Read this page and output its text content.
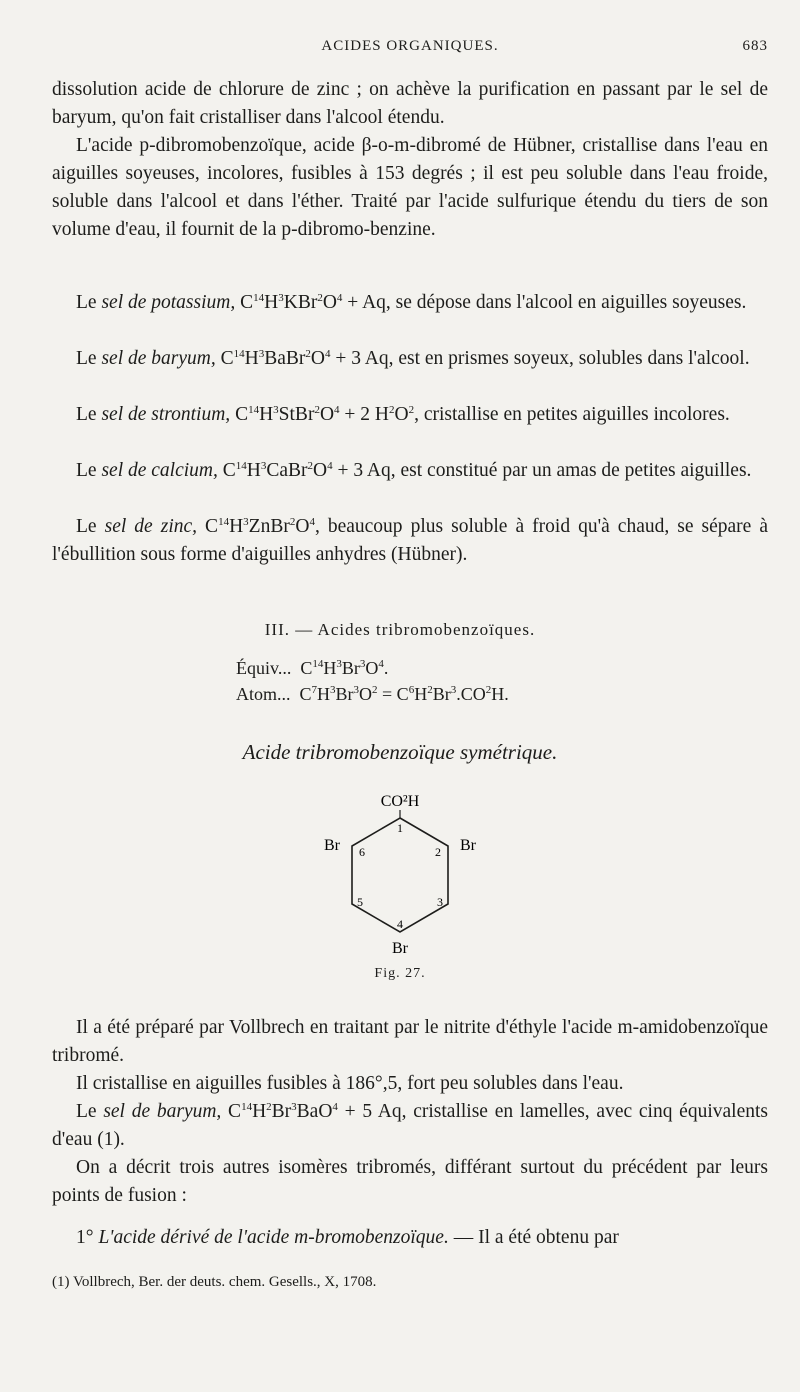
ACIDES ORGANIQUES.	683
dissolution acide de chlorure de zinc ; on achève la purification en passant par le sel de baryum, qu'on fait cristalliser dans l'alcool étendu.
L'acide p-dibromobenzoïque, acide β-o-m-dibromé de Hübner, cristallise dans l'eau en aiguilles soyeuses, incolores, fusibles à 153 degrés ; il est peu soluble dans l'eau froide, soluble dans l'alcool et dans l'éther. Traité par l'acide sulfurique étendu du tiers de son volume d'eau, il fournit de la p-dibromo-benzine.
Le sel de potassium, $C^{14}H^3KBr^2O^4 + Aq$, se dépose dans l'alcool en aiguilles soyeuses.
Le sel de baryum, $C^{14}H^3BaBr^2O^4 + 3$ Aq, est en prismes soyeux, solubles dans l'alcool.
Le sel de strontium, $C^{14}H^3StBr^2O^4 + 2$ $H^2O^2$, cristallise en petites aiguilles incolores.
Le sel de calcium, $C^{14}H^3CaBr^2O^4 + 3$ Aq, est constitué par un amas de petites aiguilles.
Le sel de zinc, $C^{14}H^3ZnBr^2O^4$, beaucoup plus soluble à froid qu'à chaud, se sépare à l'ébullition sous forme d'aiguilles anhydres (Hübner).
III. — Acides tribromobenzoïques.
Équiv...  $C^{14}H^3Br^3O^4$.
Atom...  $C^7H^3Br^3O^2 = C^6H^2Br^3.CO^2H$.
Acide tribromobenzoïque symétrique.
CO²H
Br	Br
Br
1
2
3
4
5
6
Fig. 27.
Il a été préparé par Vollbrech en traitant par le nitrite d'éthyle l'acide m-amidobenzoïque tribromé.
Il cristallise en aiguilles fusibles à 186°,5, fort peu solubles dans l'eau.
Le sel de baryum, $C^{14}H^2Br^3BaO^4 + 5$ Aq, cristallise en lamelles, avec cinq équivalents d'eau (1).
On a décrit trois autres isomères tribromés, différant surtout du précédent par leurs points de fusion :
1° L'acide dérivé de l'acide m-bromobenzoïque. — Il a été obtenu par
(1) Vollbrech, Ber. der deuts. chem. Gesells., X, 1708.
